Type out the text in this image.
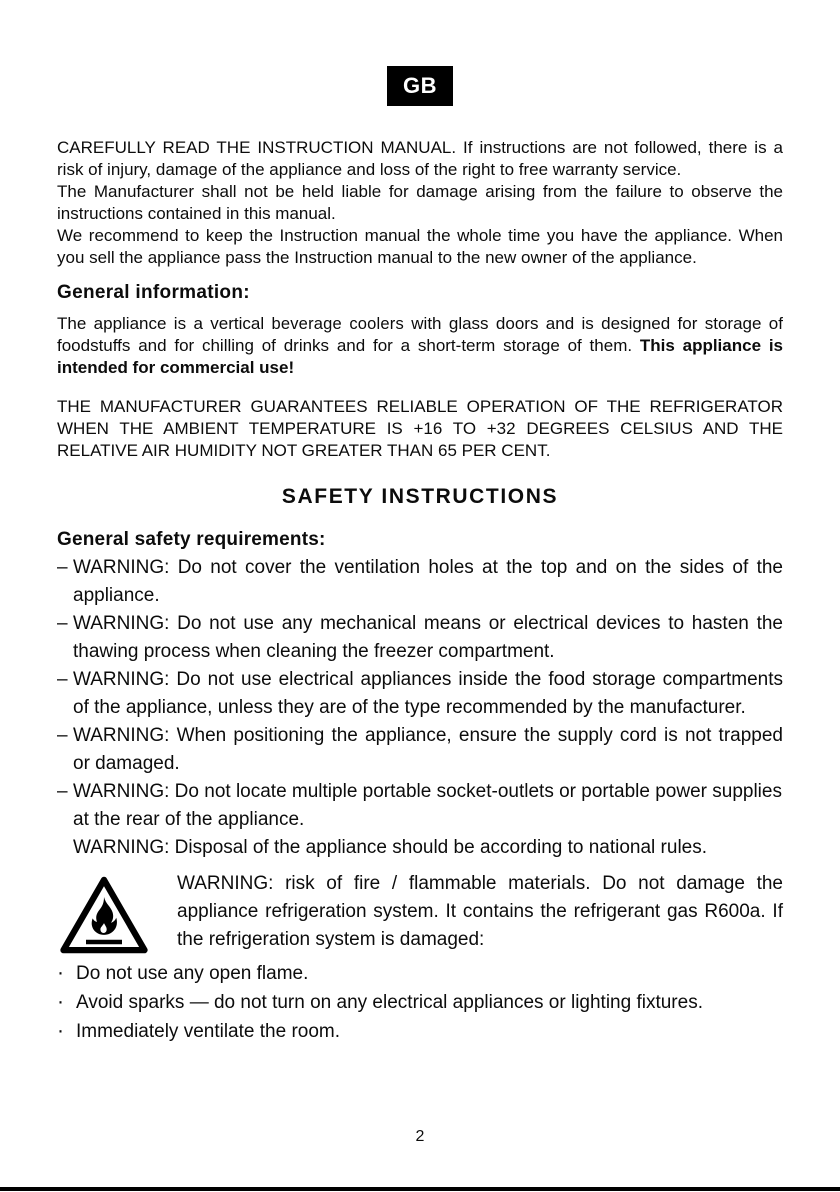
GB

CAREFULLY READ THE INSTRUCTION MANUAL. If instructions are not followed, there is a risk of injury, damage of the appliance and loss of the right to free warranty service.

The Manufacturer shall not be held liable for damage arising from the failure to observe the instructions contained in this manual.

We recommend to keep the Instruction manual the whole time you have the appliance. When you sell the appliance pass the Instruction manual to the new owner of the appliance.

General information:

The appliance is a vertical beverage coolers with glass doors and is designed for storage of foodstuffs and for chilling of drinks and for a short-term storage of them. This appliance is intended for commercial use!

THE MANUFACTURER GUARANTEES RELIABLE OPERATION OF THE REFRIGERATOR WHEN THE AMBIENT TEMPERATURE IS +16 TO +32 DEGREES CELSIUS AND THE RELATIVE AIR HUMIDITY NOT GREATER THAN 65 PER CENT.

SAFETY INSTRUCTIONS
General safety requirements:
– WARNING: Do not cover the ventilation holes at the top and on the sides of the appliance.
– WARNING: Do not use any mechanical means or electrical devices to hasten the thawing process when cleaning the freezer compartment.
– WARNING: Do not use electrical appliances inside the food storage compartments of the appliance, unless they are of the type recommended by the manufacturer.
– WARNING: When positioning the appliance, ensure the supply cord is not trapped or damaged.
– WARNING: Do not locate multiple portable socket-outlets or portable power supplies at the rear of the appliance.
WARNING: Disposal of the appliance should be according to national rules.
WARNING: risk of fire / flammable materials. Do not damage the appliance refrigeration system. It contains the refrigerant gas R600a. If the refrigeration system is damaged:
· Do not use any open flame.
· Avoid sparks — do not turn on any electrical appliances or lighting fixtures.
· Immediately ventilate the room.
2
